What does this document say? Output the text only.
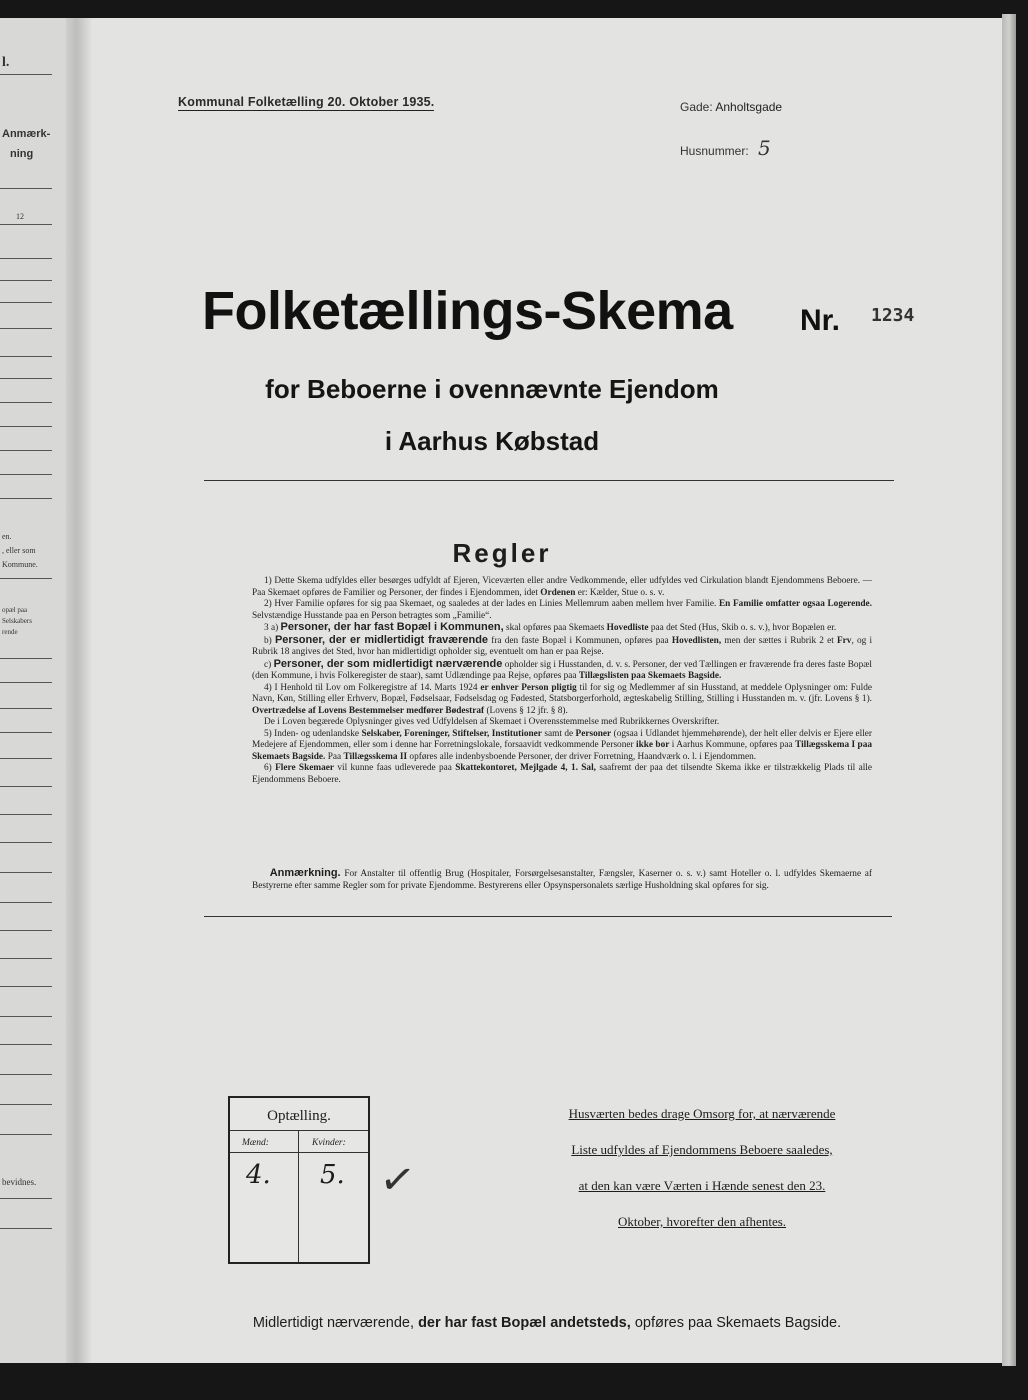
l.
Anmærk-
ning
12
en.
, eller som
Kommune.
opæl paa
Selskabers
rende
bevidnes.
Kommunal Folketælling 20. Oktober 1935.	Gade: Anholtsgade
Husnummer: 5
Folketællings-Skema Nr. 1234
for Beboerne i ovennævnte Ejendom
i Aarhus Købstad
Regler

1) Dette Skema udfyldes eller besørges udfyldt af Ejeren, Viceværten eller andre Vedkommende, eller udfyldes ved Cirkulation blandt Ejendommens Beboere. — Paa Skemaet opføres de Familier og Personer, der findes i Ejendommen, idet Ordenen er: Kælder, Stue o. s. v.

2) Hver Familie opføres for sig paa Skemaet, og saaledes at der lades en Linies Mellemrum aaben mellem hver Familie. En Familie omfatter ogsaa Logerende. Selvstændige Husstande paa en Person betragtes som „Familie“.

3 a) Personer, der har fast Bopæl i Kommunen, skal opføres paa Skemaets Hovedliste paa det Sted (Hus, Skib o. s. v.), hvor Bopælen er.

b) Personer, der er midlertidigt fraværende fra den faste Bopæl i Kommunen, opføres paa Hovedlisten, men der sættes i Rubrik 2 et Frv, og i Rubrik 18 angives det Sted, hvor han midlertidigt opholder sig, eventuelt om han er paa Rejse.

c) Personer, der som midlertidigt nærværende opholder sig i Husstanden, d. v. s. Personer, der ved Tællingen er fraværende fra deres faste Bopæl (den Kommune, i hvis Folkeregister de staar), samt Udlændinge paa Rejse, opføres paa Tillægslisten paa Skemaets Bagside.

4) I Henhold til Lov om Folkeregistre af 14. Marts 1924 er enhver Person pligtig til for sig og Medlemmer af sin Husstand, at meddele Oplysninger om: Fulde Navn, Køn, Stilling eller Erhverv, Bopæl, Fødselsaar, Fødselsdag og Fødested, Statsborgerforhold, ægteskabelig Stilling, Stilling i Husstanden m. v. (jfr. Lovens § 1). Overtrædelse af Lovens Bestemmelser medfører Bødestraf (Lovens § 12 jfr. § 8).

De i Loven begærede Oplysninger gives ved Udfyldelsen af Skemaet i Overensstemmelse med Rubrikkernes Overskrifter.

5) Inden- og udenlandske Selskaber, Foreninger, Stiftelser, Institutioner samt de Personer (ogsaa i Udlandet hjemmehørende), der helt eller delvis er Ejere eller Medejere af Ejendommen, eller som i denne har Forretningslokale, forsaavidt vedkommende Personer ikke bor i Aarhus Kommune, opføres paa Tillægsskema I paa Skemaets Bagside. Paa Tillægsskema II opføres alle indenbysboende Personer, der driver Forretning, Haandværk o. l. i Ejendommen.

6) Flere Skemaer vil kunne faas udleverede paa Skattekontoret, Mejlgade 4, 1. Sal, saafremt der paa det tilsendte Skema ikke er tilstrækkelig Plads til alle Ejendommens Beboere.

Anmærkning. For Anstalter til offentlig Brug (Hospitaler, Forsørgelsesanstalter, Fængsler, Kaserner o. s. v.) samt Hoteller o. l. udfyldes Skemaerne af Bestyrerne efter samme Regler som for private Ejendomme. Bestyrerens eller Opsynspersonalets særlige Husholdning skal opføres for sig.
Optælling.
Mænd:	Kvinder:
4. 5. ✓
Husværten bedes drage Omsorg for, at nærværende
Liste udfyldes af Ejendommens Beboere saaledes,
at den kan være Værten i Hænde senest den 23.
Oktober, hvorefter den afhentes.
Midlertidigt nærværende, der har fast Bopæl andetsteds, opføres paa Skemaets Bagside.
